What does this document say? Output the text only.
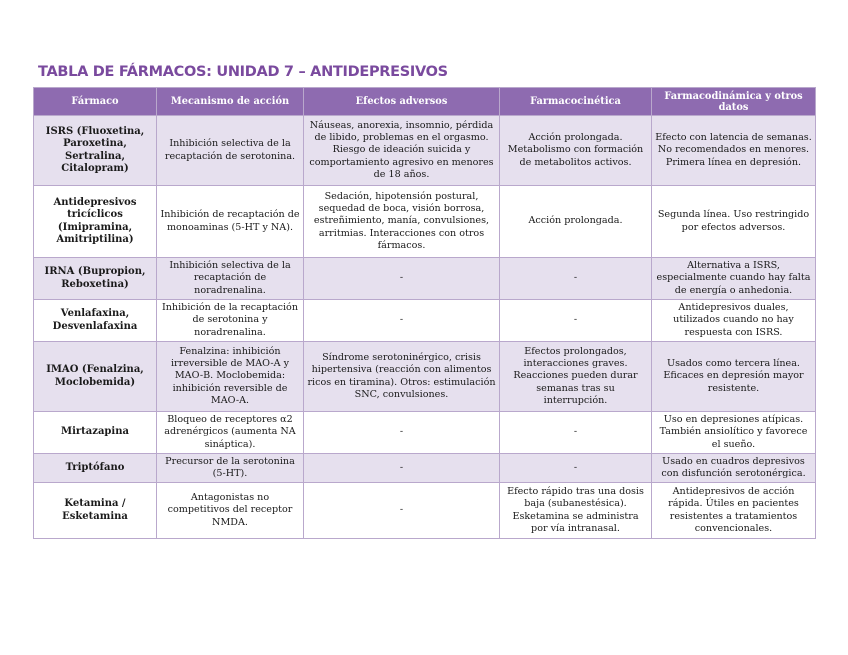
TABLA DE FÁRMACOS: UNIDAD 7 – ANTIDEPRESIVOS
Fármaco	Mecanismo de acción	Efectos adversos	Farmacocinética	Farmacodinámica y otros datos
ISRS (Fluoxetina, Paroxetina, Sertralina, Citalopram)	Inhibición selectiva de la recaptación de serotonina.	Náuseas, anorexia, insomnio, pérdida de libido, problemas en el orgasmo. Riesgo de ideación suicida y comportamiento agresivo en menores de 18 años.	Acción prolongada. Metabolismo con formación de metabolitos activos.	Efecto con latencia de semanas. No recomendados en menores. Primera línea en depresión.
Antidepresivos tricíclicos (Imipramina, Amitriptilina)	Inhibición de recaptación de monoaminas (5-HT y NA).	Sedación, hipotensión postural, sequedad de boca, visión borrosa, estreñimiento, manía, convulsiones, arritmias. Interacciones con otros fármacos.	Acción prolongada.	Segunda línea. Uso restringido por efectos adversos.
IRNA (Bupropion, Reboxetina)	Inhibición selectiva de la recaptación de noradrenalina.	-	-	Alternativa a ISRS, especialmente cuando hay falta de energía o anhedonia.
Venlafaxina, Desvenlafaxina	Inhibición de la recaptación de serotonina y noradrenalina.	-	-	Antidepresivos duales, utilizados cuando no hay respuesta con ISRS.
IMAO (Fenalzina, Moclobemida)	Fenalzina: inhibición irreversible de MAO-A y MAO-B. Moclobemida: inhibición reversible de MAO-A.	Síndrome serotoninérgico, crisis hipertensiva (reacción con alimentos ricos en tiramina). Otros: estimulación SNC, convulsiones.	Efectos prolongados, interacciones graves. Reacciones pueden durar semanas tras su interrupción.	Usados como tercera línea. Eficaces en depresión mayor resistente.
Mirtazapina	Bloqueo de receptores α2 adrenérgicos (aumenta NA sináptica).	-	-	Uso en depresiones atípicas. También ansiolítico y favorece el sueño.
Triptófano	Precursor de la serotonina (5-HT).	-	-	Usado en cuadros depresivos con disfunción serotonérgica.
Ketamina / Esketamina	Antagonistas no competitivos del receptor NMDA.	-	Efecto rápido tras una dosis baja (subanestésica). Esketamina se administra por vía intranasal.	Antidepresivos de acción rápida. Útiles en pacientes resistentes a tratamientos convencionales.
